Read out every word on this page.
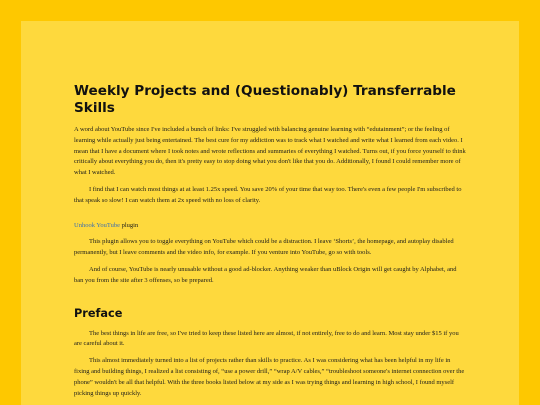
Weekly Projects and (Questionably) Transferrable Skills

A word about YouTube since I've included a bunch of links: I've struggled with balancing genuine learning with “edutainment”; or the feeling of learning while actually just being entertained. The best cure for my addiction was to track what I watched and write what I learned from each video. I mean that I have a document where I took notes and wrote reflections and summaries of everything I watched. Turns out, if you force yourself to think critically about everything you do, then it's pretty easy to stop doing what you don't like that you do. Additionally, I found I could remember more of what I watched.

I find that I can watch most things at at least 1.25x speed. You save 20% of your time that way too. There's even a few people I'm subscribed to that speak so slow! I can watch them at 2x speed with no loss of clarity.

Unhook YouTube plugin

This plugin allows you to toggle everything on YouTube which could be a distraction. I leave ‘Shorts’, the homepage, and autoplay disabled permanently, but I leave comments and the video info, for example. If you venture into YouTube, go so with tools.

And of course, YouTube is nearly unusable without a good ad-blocker. Anything weaker than uBlock Origin will get caught by Alphabet, and ban you from the site after 3 offenses, so be prepared.

Preface

The best things in life are free, so I've tried to keep these listed here are almost, if not entirely, free to do and learn. Most stay under $15 if you are careful about it.

This almost immediately turned into a list of projects rather than skills to practice. As I was considering what has been helpful in my life in fixing and building things, I realized a list consisting of, “use a power drill,” “wrap A/V cables,” “troubleshoot someone's internet connection over the phone” wouldn't be all that helpful. With the three books listed below at my side as I was trying things and learning in high school, I found myself picking things up quickly.
